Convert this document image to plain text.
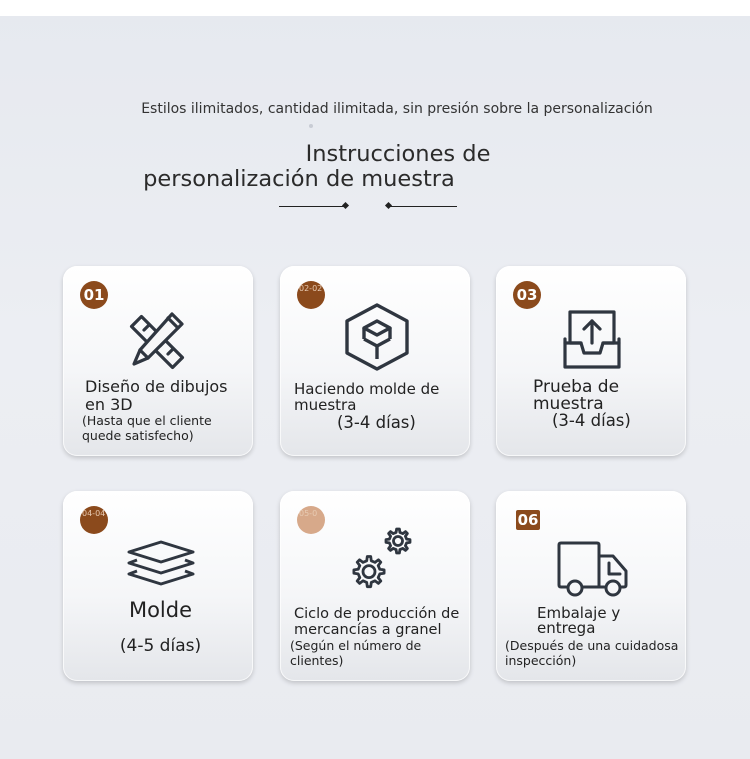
Estilos ilimitados, cantidad ilimitada, sin presión sobre la personalización
Instrucciones de
personalización de muestra
01
Diseño de dibujos en 3D
(Hasta que el cliente quede satisfecho)
02-02
Haciendo molde de muestra
(3-4 días)
03
Prueba de muestra
(3-4 días)
04-04
Molde
(4-5 días)
05-0
Ciclo de producción de mercancías a granel
(Según el número de clientes)
06
Embalaje y entrega
(Después de una cuidadosa inspección)
